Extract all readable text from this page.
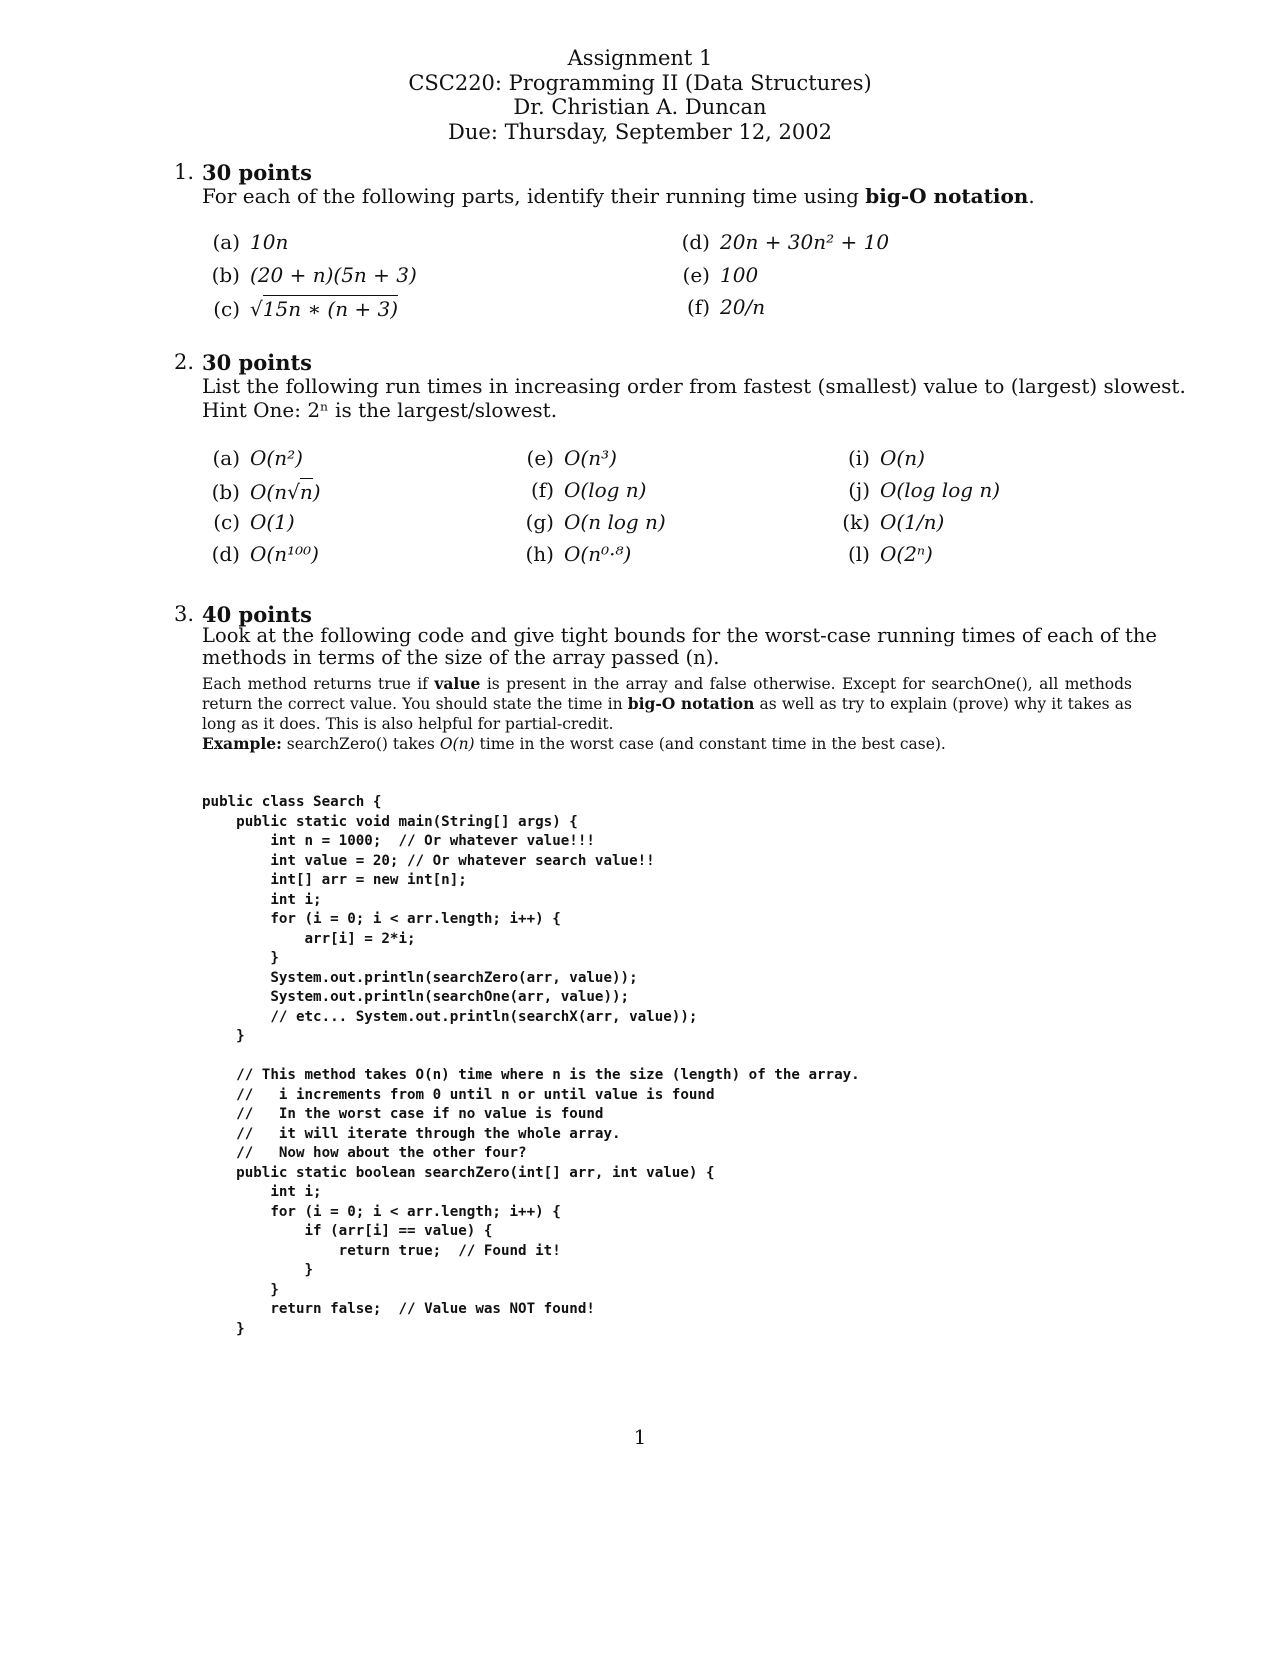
Assignment 1
CSC220: Programming II (Data Structures)
Dr. Christian A. Duncan
Due: Thursday, September 12, 2002
1. 30 points
For each of the following parts, identify their running time using big-O notation.
(a) 10n
(b) (20 + n)(5n + 3)
(c) √15n ∗ (n + 3)
(d) 20n + 30n² + 10
(e) 100
(f) 20/n
2. 30 points
List the following run times in increasing order from fastest (smallest) value to (largest) slowest.
Hint One: 2ⁿ is the largest/slowest.
(a) O(n²)
(b) O(n√n)
(c) O(1)
(d) O(n¹⁰⁰)
(e) O(n³)
(f) O(log n)
(g) O(n log n)
(h) O(n⁰·⁸)
(i) O(n)
(j) O(log log n)
(k) O(1/n)
(l) O(2ⁿ)
3. 40 points
Look at the following code and give tight bounds for the worst-case running times of each of the
methods in terms of the size of the array passed (n).
Each method returns true if value is present in the array and false otherwise. Except for searchOne(), all methods return the correct value. You should state the time in big-O notation as well as try to explain (prove) why it takes as long as it does. This is also helpful for partial-credit.
Example: searchZero() takes O(n) time in the worst case (and constant time in the best case).
public class Search {
public static void main(String[] args) {
int n = 1000;  // Or whatever value!!!
int value = 20; // Or whatever search value!!
int[] arr = new int[n];
int i;
for (i = 0; i < arr.length; i++) {
arr[i] = 2*i;
}
System.out.println(searchZero(arr, value));
System.out.println(searchOne(arr, value));
// etc... System.out.println(searchX(arr, value));
}

// This method takes O(n) time where n is the size (length) of the array.
//   i increments from 0 until n or until value is found
//   In the worst case if no value is found
//   it will iterate through the whole array.
//   Now how about the other four?
public static boolean searchZero(int[] arr, int value) {
int i;
for (i = 0; i < arr.length; i++) {
if (arr[i] == value) {
return true;  // Found it!
}
}
return false;  // Value was NOT found!
}
1
